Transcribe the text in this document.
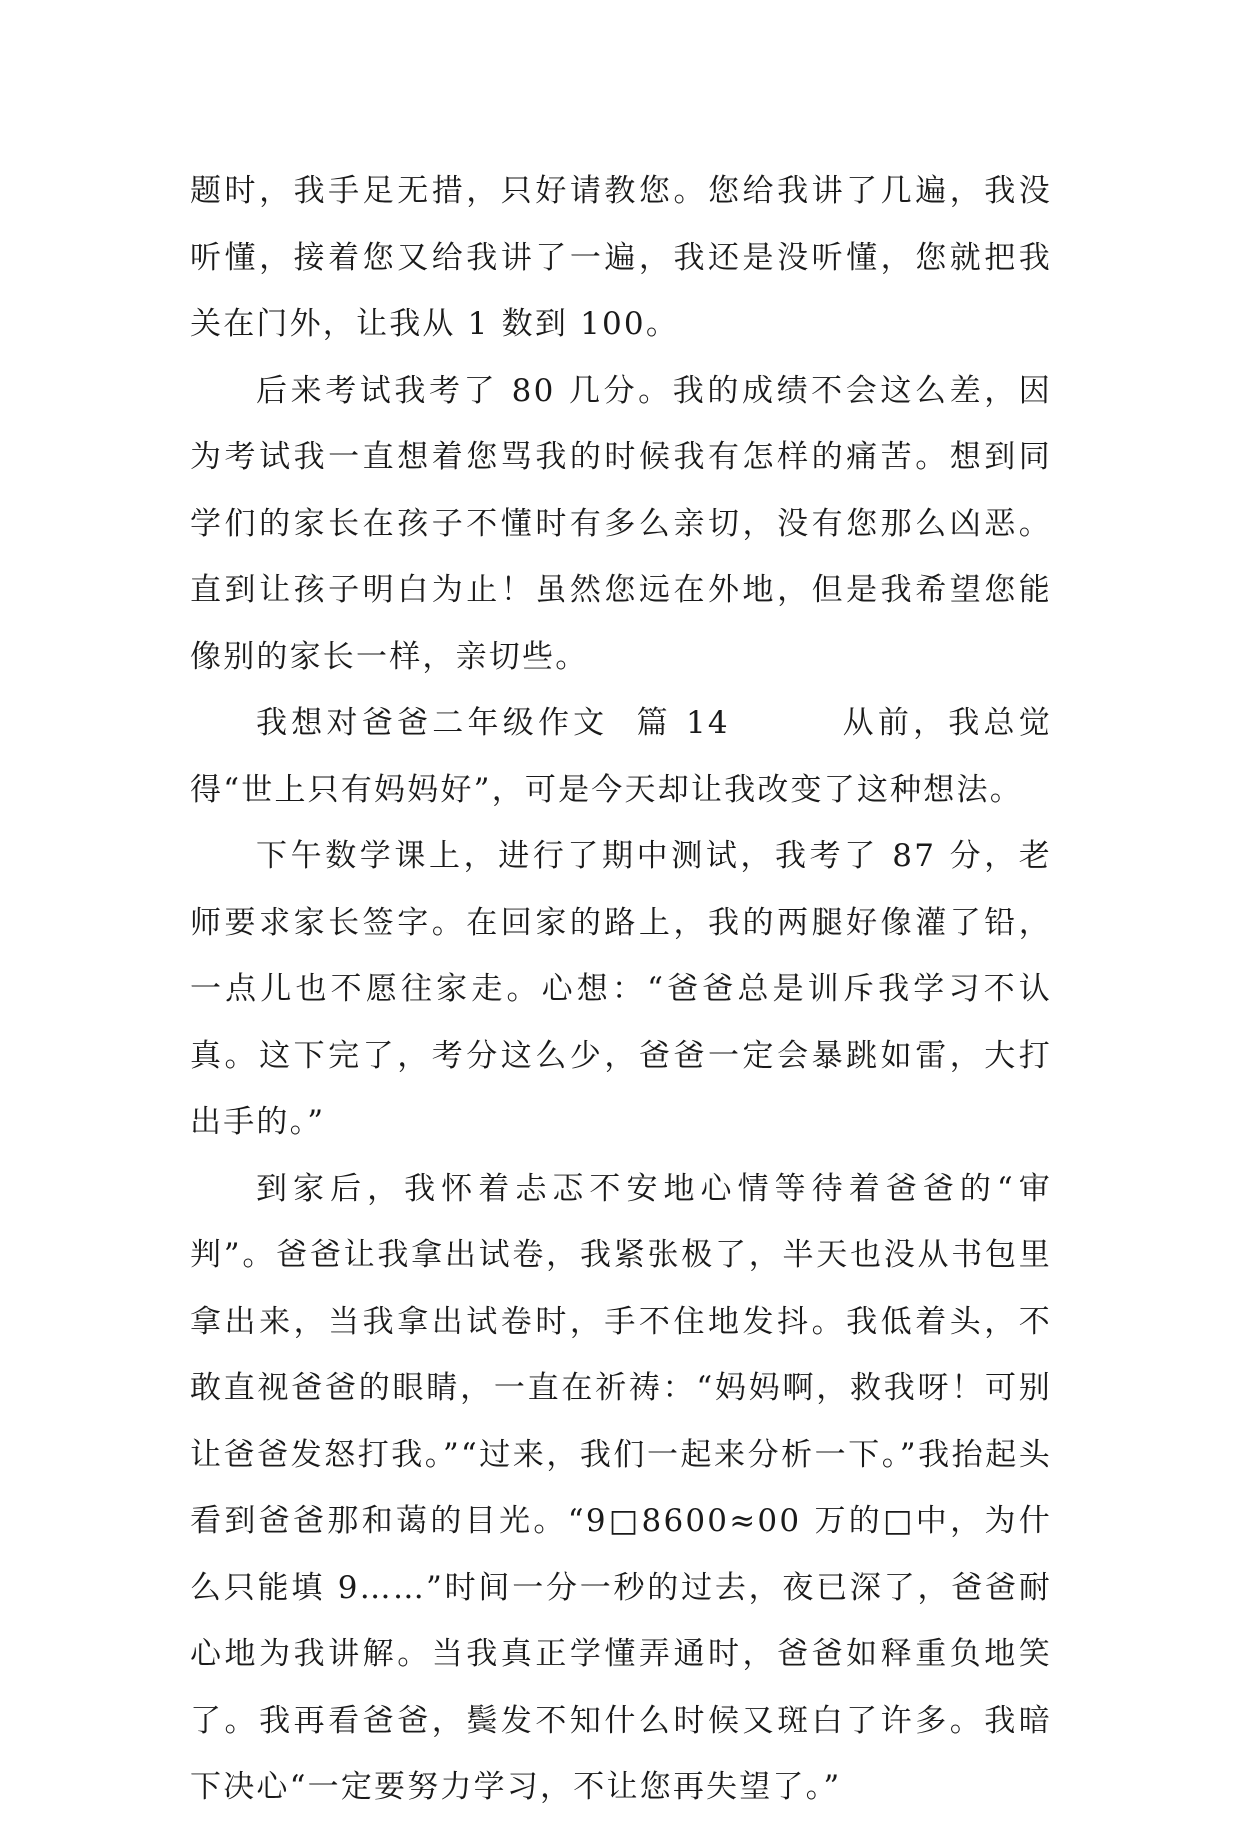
题时，我手足无措，只好请教您。您给我讲了几遍，我没听懂，接着您又给我讲了一遍，我还是没听懂，您就把我关在门外，让我从 1 数到 100。

后来考试我考了 80 几分。我的成绩不会这么差，因为考试我一直想着您骂我的时候我有怎样的痛苦。想到同学们的家长在孩子不懂时有多么亲切，没有您那么凶恶。直到让孩子明白为止！虽然您远在外地，但是我希望您能像别的家长一样，亲切些。

我想对爸爸二年级作文  篇 14        从前，我总觉得“世上只有妈妈好”，可是今天却让我改变了这种想法。

下午数学课上，进行了期中测试，我考了 87 分，老师要求家长签字。在回家的路上，我的两腿好像灌了铅，一点儿也不愿往家走。心想：“爸爸总是训斥我学习不认真。这下完了，考分这么少，爸爸一定会暴跳如雷，大打出手的。”

到家后，我怀着忐忑不安地心情等待着爸爸的“审判”。爸爸让我拿出试卷，我紧张极了，半天也没从书包里拿出来，当我拿出试卷时，手不住地发抖。我低着头，不敢直视爸爸的眼睛，一直在祈祷：“妈妈啊，救我呀！可别让爸爸发怒打我。”“过来，我们一起来分析一下。”我抬起头看到爸爸那和蔼的目光。“9□8600≈00 万的□中，为什么只能填 9……”时间一分一秒的过去，夜已深了，爸爸耐心地为我讲解。当我真正学懂弄通时，爸爸如释重负地笑了。我再看爸爸，鬓发不知什么时候又斑白了许多。我暗下决心“一定要努力学习，不让您再失望了。”
